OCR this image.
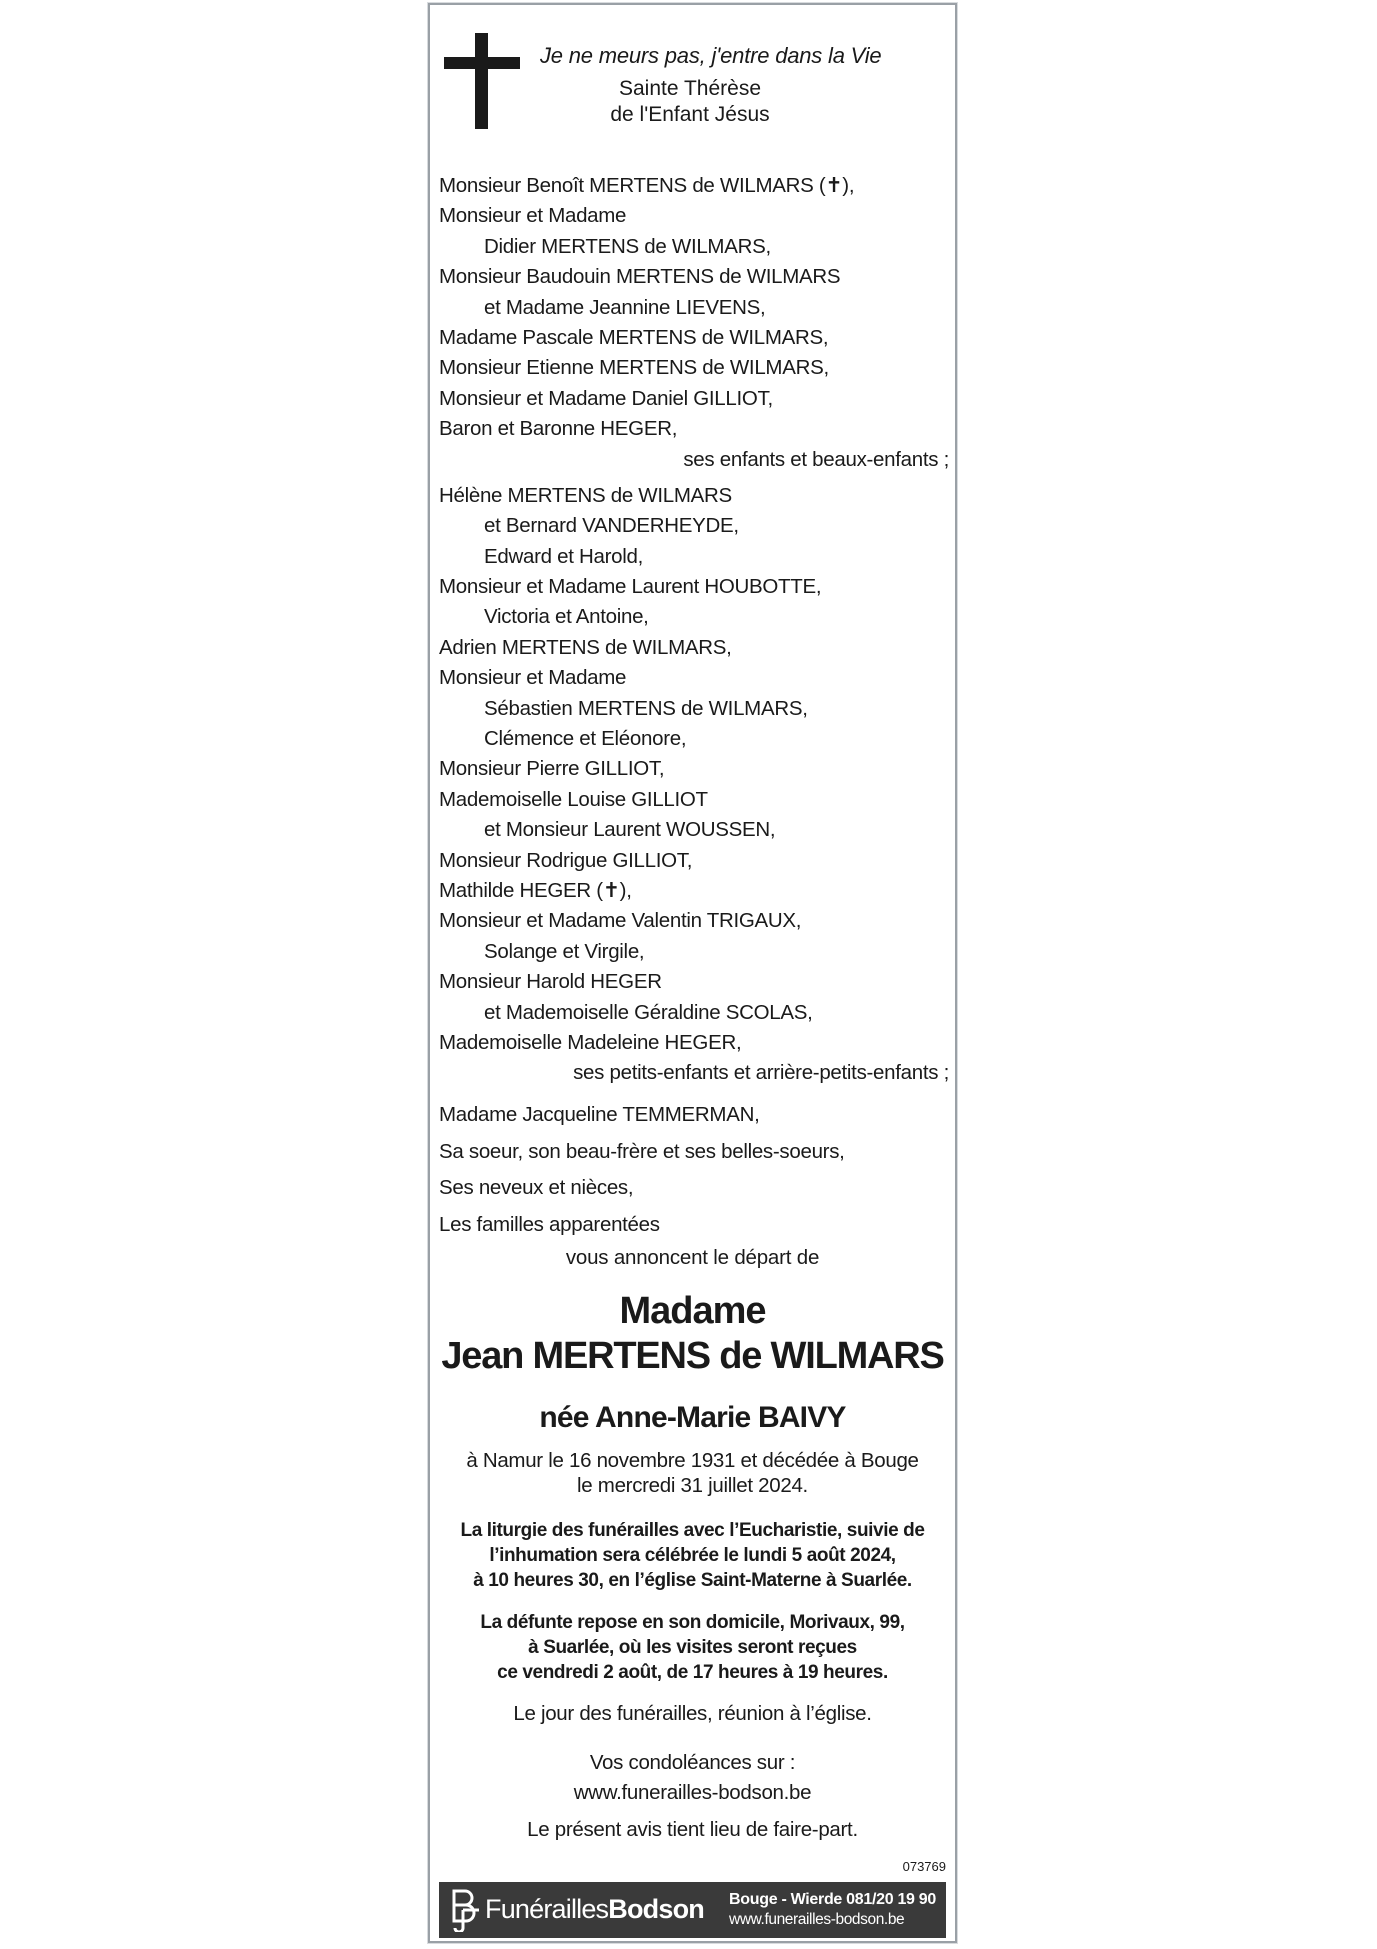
Je ne meurs pas, j'entre dans la Vie
Sainte Thérèse
de l'Enfant Jésus
Monsieur Benoît MERTENS de WILMARS (✝),
Monsieur et Madame
Didier MERTENS de WILMARS,
Monsieur Baudouin MERTENS de WILMARS
et Madame Jeannine LIEVENS,
Madame Pascale MERTENS de WILMARS,
Monsieur Etienne MERTENS de WILMARS,
Monsieur et Madame Daniel GILLIOT,
Baron et Baronne HEGER,
ses enfants et beaux-enfants ;
Hélène MERTENS de WILMARS
et Bernard VANDERHEYDE,
Edward et Harold,
Monsieur et Madame Laurent HOUBOTTE,
Victoria et Antoine,
Adrien MERTENS de WILMARS,
Monsieur et Madame
Sébastien MERTENS de WILMARS,
Clémence et Eléonore,
Monsieur Pierre GILLIOT,
Mademoiselle Louise GILLIOT
et Monsieur Laurent WOUSSEN,
Monsieur Rodrigue GILLIOT,
Mathilde HEGER (✝),
Monsieur et Madame Valentin TRIGAUX,
Solange et Virgile,
Monsieur Harold HEGER
et Mademoiselle Géraldine SCOLAS,
Mademoiselle Madeleine HEGER,
ses petits-enfants et arrière-petits-enfants ;
Madame Jacqueline TEMMERMAN,
Sa soeur, son beau-frère et ses belles-soeurs,
Ses neveux et nièces,
Les familles apparentées
vous annoncent le départ de
Madame
Jean MERTENS de WILMARS
née Anne-Marie BAIVY
à Namur le 16 novembre 1931 et décédée à Bouge
le mercredi 31 juillet 2024.
La liturgie des funérailles avec l’Eucharistie, suivie de
l’inhumation sera célébrée le lundi 5 août 2024,
à 10 heures 30, en l’église Saint-Materne à Suarlée.
La défunte repose en son domicile, Morivaux, 99,
à Suarlée, où les visites seront reçues
ce vendredi 2 août, de 17 heures à 19 heures.
Le jour des funérailles, réunion à l’église.
Vos condoléances sur :
www.funerailles-bodson.be
Le présent avis tient lieu de faire-part.
073769
FunéraillesBodson Bouge - Wierde 081/20 19 90
www.funerailles-bodson.be
